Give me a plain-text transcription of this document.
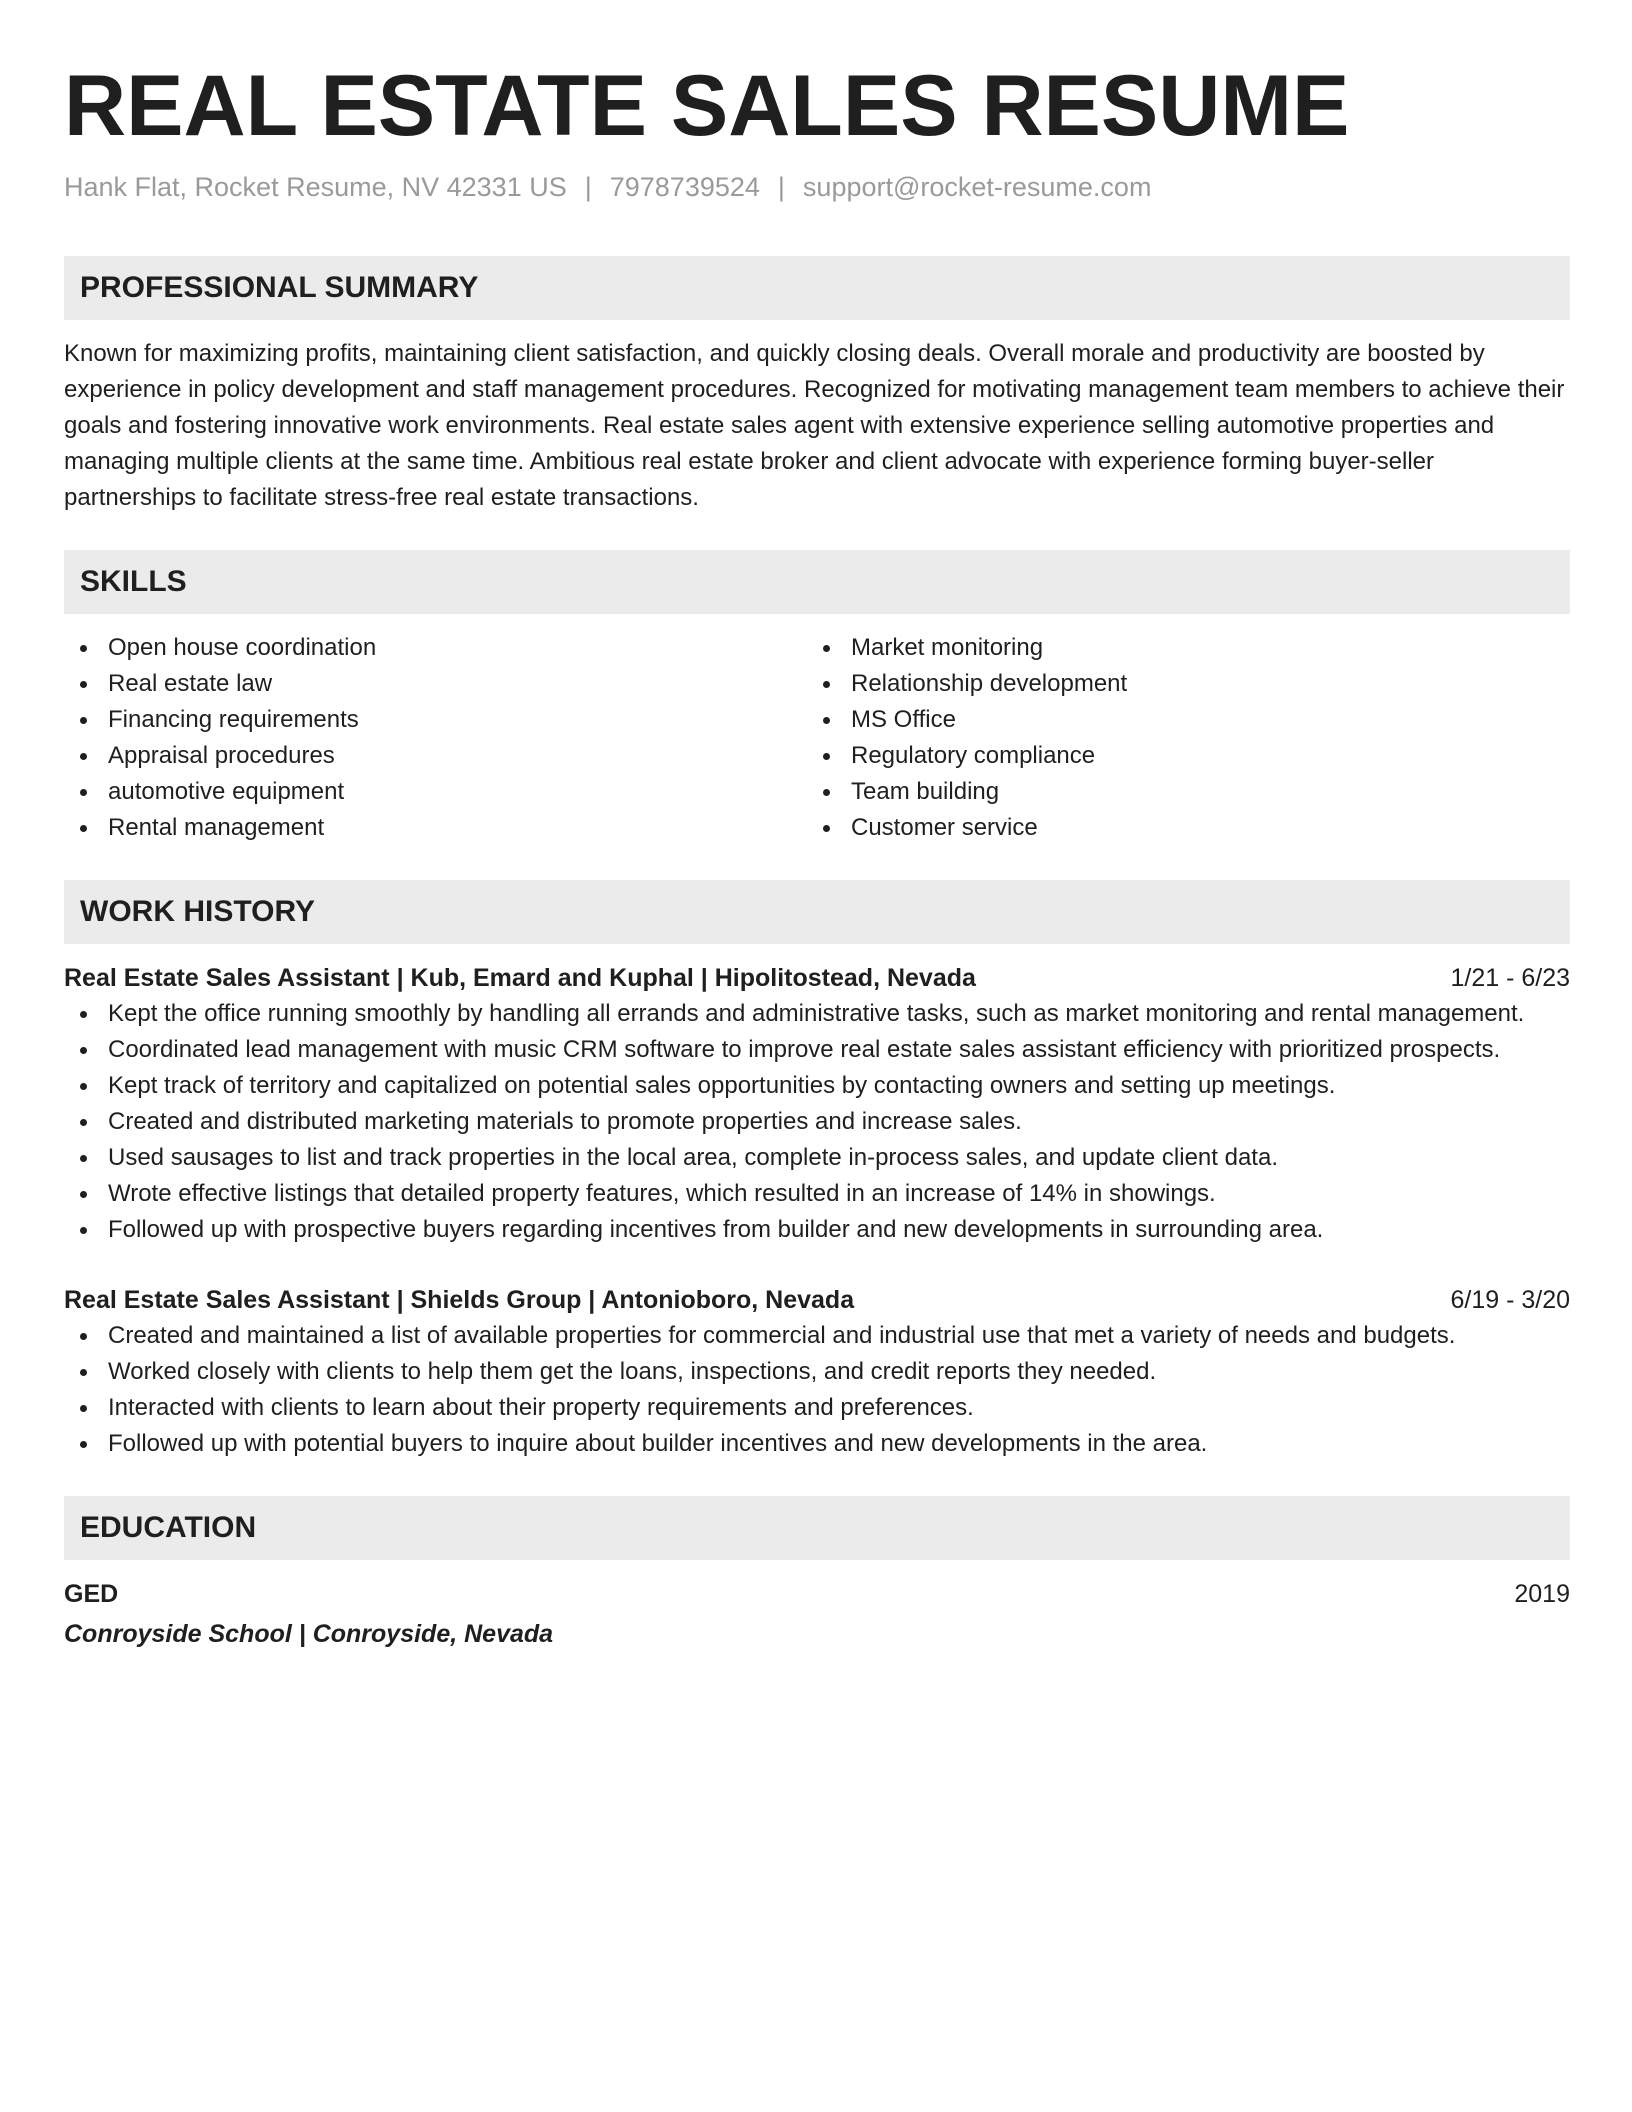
REAL ESTATE SALES RESUME
Hank Flat, Rocket Resume, NV 42331 US | 7978739524 | support@rocket-resume.com
PROFESSIONAL SUMMARY
Known for maximizing profits, maintaining client satisfaction, and quickly closing deals. Overall morale and productivity are boosted by experience in policy development and staff management procedures. Recognized for motivating management team members to achieve their goals and fostering innovative work environments. Real estate sales agent with extensive experience selling automotive properties and managing multiple clients at the same time. Ambitious real estate broker and client advocate with experience forming buyer-seller partnerships to facilitate stress-free real estate transactions.
SKILLS
Open house coordination
Real estate law
Financing requirements
Appraisal procedures
automotive equipment
Rental management
Market monitoring
Relationship development
MS Office
Regulatory compliance
Team building
Customer service
WORK HISTORY
Real Estate Sales Assistant | Kub, Emard and Kuphal | Hipolitostead, Nevada	1/21 - 6/23
Kept the office running smoothly by handling all errands and administrative tasks, such as market monitoring and rental management.
Coordinated lead management with music CRM software to improve real estate sales assistant efficiency with prioritized prospects.
Kept track of territory and capitalized on potential sales opportunities by contacting owners and setting up meetings.
Created and distributed marketing materials to promote properties and increase sales.
Used sausages to list and track properties in the local area, complete in-process sales, and update client data.
Wrote effective listings that detailed property features, which resulted in an increase of 14% in showings.
Followed up with prospective buyers regarding incentives from builder and new developments in surrounding area.
Real Estate Sales Assistant | Shields Group | Antonioboro, Nevada	6/19 - 3/20
Created and maintained a list of available properties for commercial and industrial use that met a variety of needs and budgets.
Worked closely with clients to help them get the loans, inspections, and credit reports they needed.
Interacted with clients to learn about their property requirements and preferences.
Followed up with potential buyers to inquire about builder incentives and new developments in the area.
EDUCATION
GED	2019
Conroyside School | Conroyside, Nevada
